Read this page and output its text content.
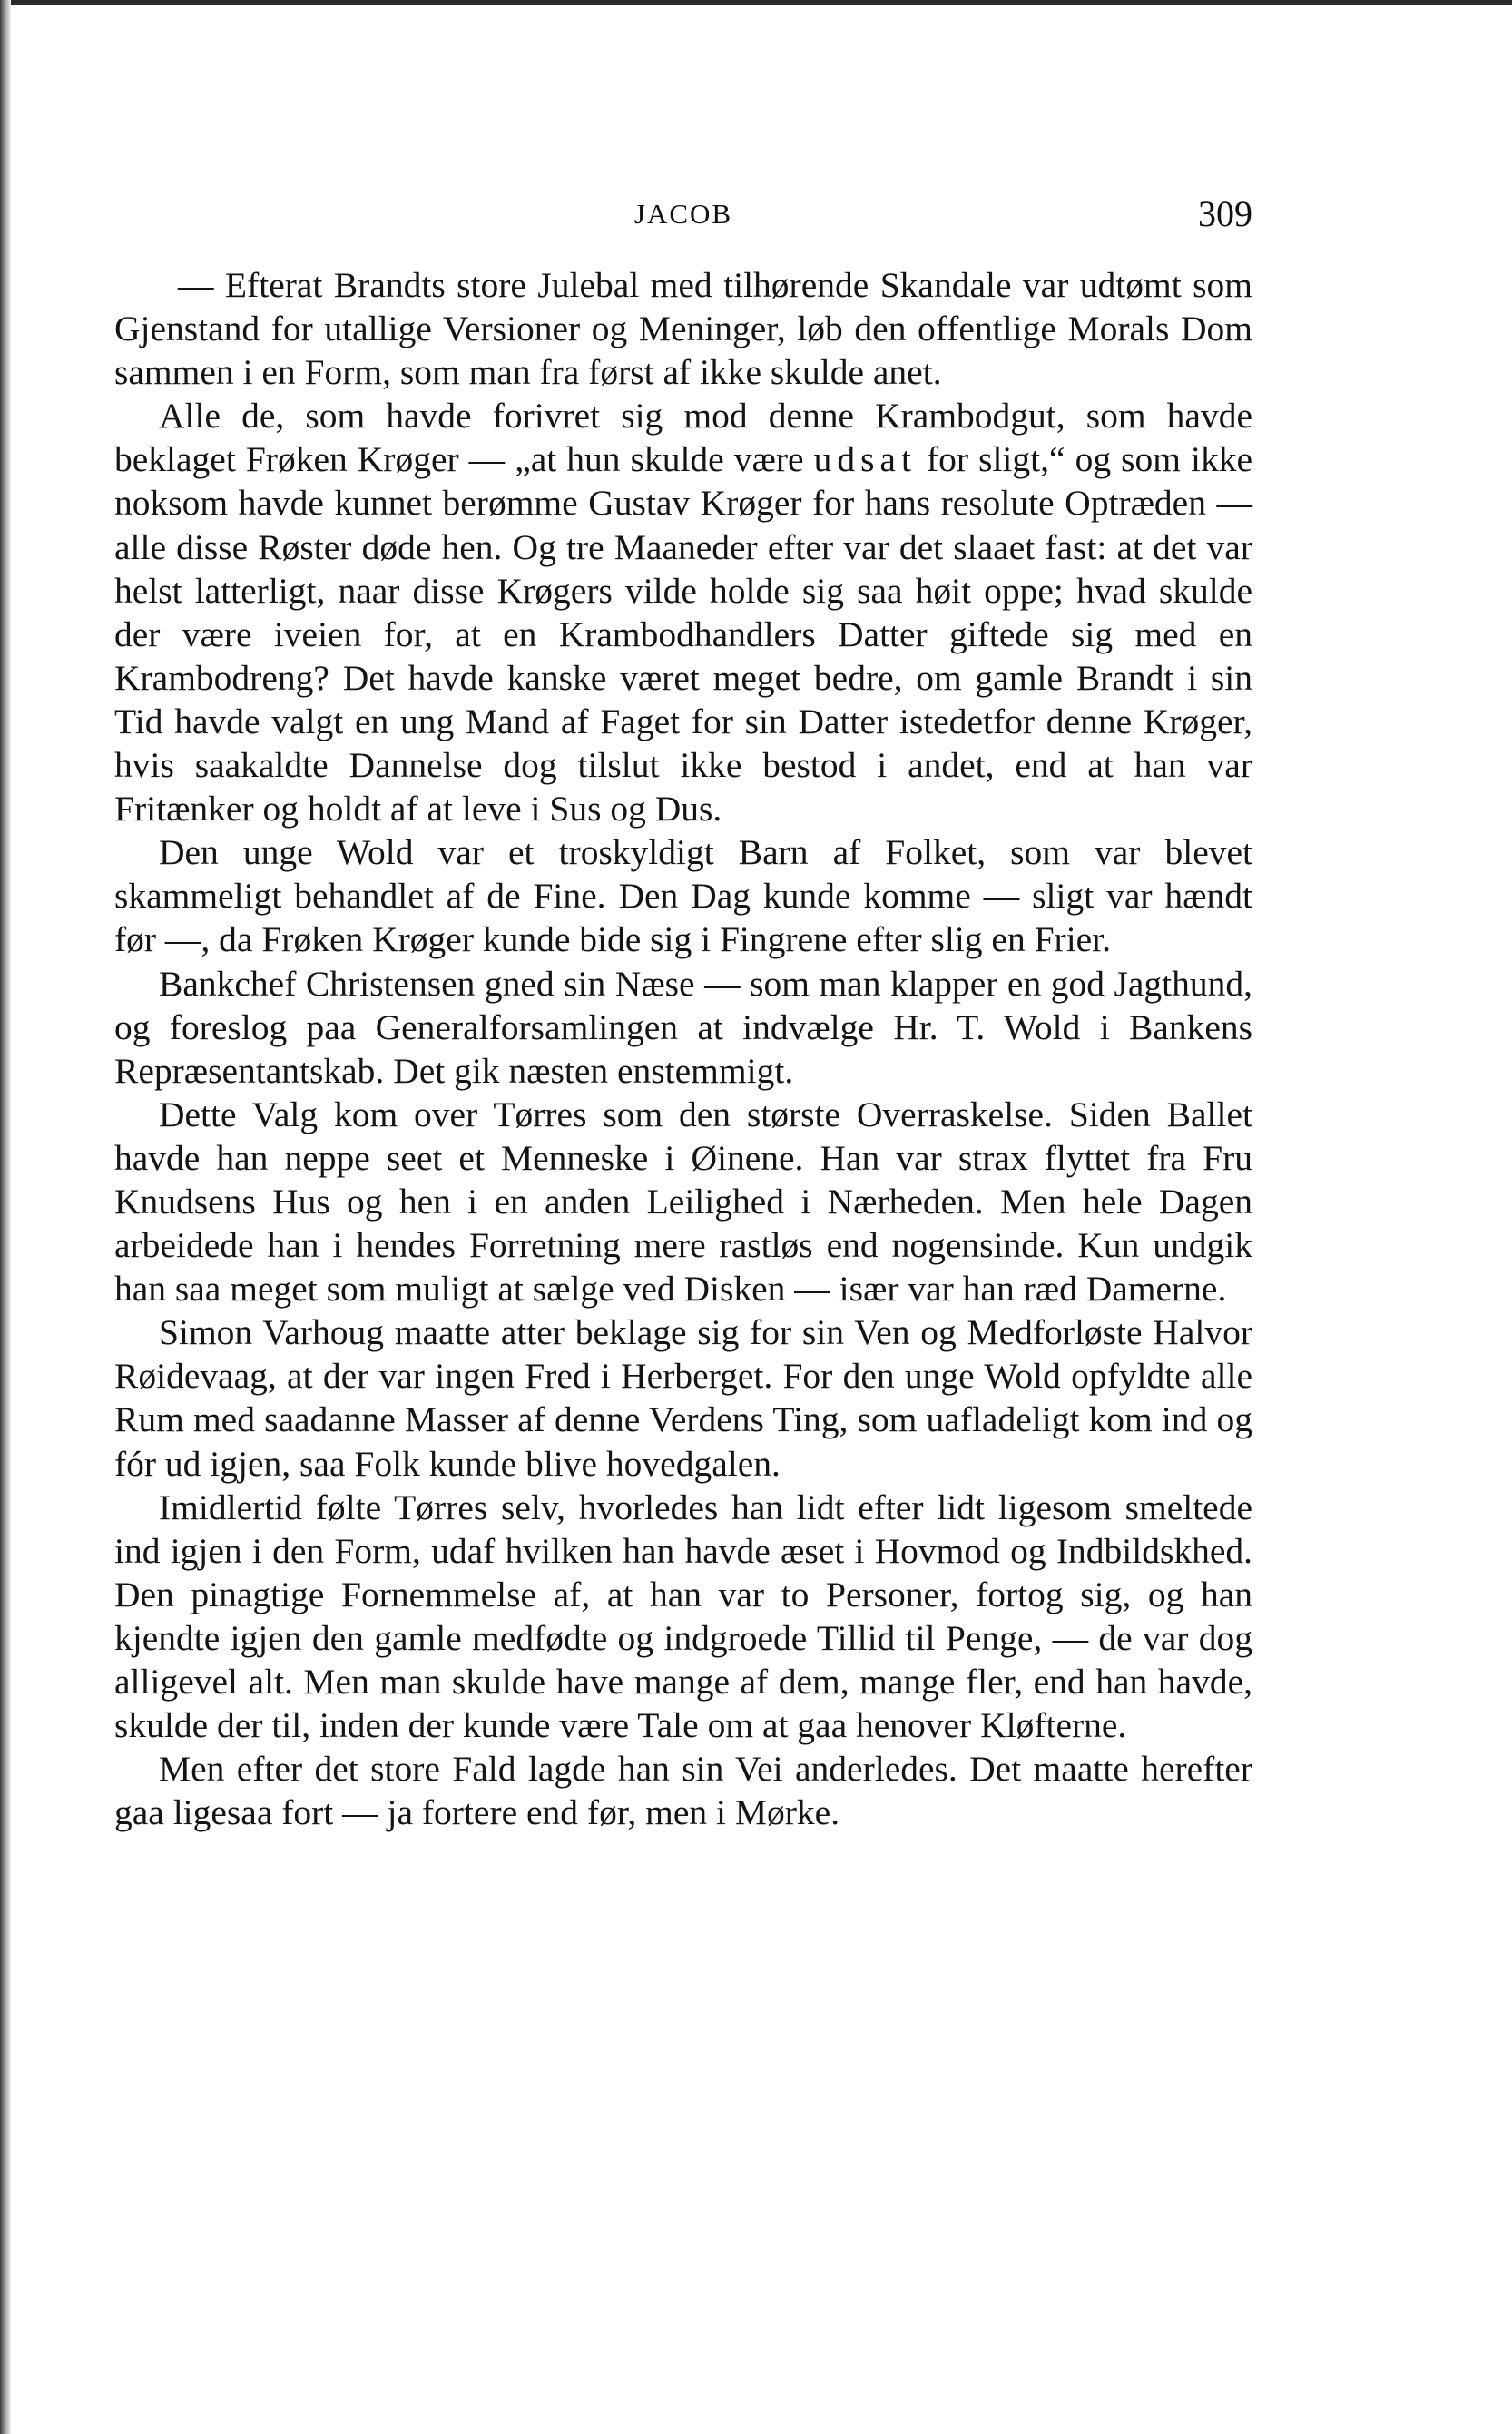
JACOB	309

— Efterat Brandts store Julebal med tilhørende Skandale var udtømt som Gjenstand for utallige Versioner og Meninger, løb den offentlige Morals Dom sammen i en Form, som man fra først af ikke skulde anet.

Alle de, som havde forivret sig mod denne Krambodgut, som havde beklaget Frøken Krøger — „at hun skulde være udsat for sligt,“ og som ikke noksom havde kunnet berømme Gustav Krøger for hans resolute Optræden — alle disse Røster døde hen. Og tre Maaneder efter var det slaaet fast: at det var helst latterligt, naar disse Krøgers vilde holde sig saa høit oppe; hvad skulde der være iveien for, at en Krambodhandlers Datter giftede sig med en Krambodreng? Det havde kanske været meget bedre, om gamle Brandt i sin Tid havde valgt en ung Mand af Faget for sin Datter istedetfor denne Krøger, hvis saakaldte Dannelse dog tilslut ikke bestod i andet, end at han var Fritænker og holdt af at leve i Sus og Dus.

Den unge Wold var et troskyldigt Barn af Folket, som var blevet skammeligt behandlet af de Fine. Den Dag kunde komme — sligt var hændt før —, da Frøken Krøger kunde bide sig i Fingrene efter slig en Frier.

Bankchef Christensen gned sin Næse — som man klapper en god Jagthund, og foreslog paa Generalforsamlingen at indvælge Hr. T. Wold i Bankens Repræsentantskab. Det gik næsten enstemmigt.

Dette Valg kom over Tørres som den største Overraskelse. Siden Ballet havde han neppe seet et Menneske i Øinene. Han var strax flyttet fra Fru Knudsens Hus og hen i en anden Leilighed i Nærheden. Men hele Dagen arbeidede han i hendes Forretning mere rastløs end nogensinde. Kun undgik han saa meget som muligt at sælge ved Disken — især var han ræd Damerne.

Simon Varhoug maatte atter beklage sig for sin Ven og Medforløste Halvor Røidevaag, at der var ingen Fred i Herberget. For den unge Wold opfyldte alle Rum med saadanne Masser af denne Verdens Ting, som uafladeligt kom ind og fór ud igjen, saa Folk kunde blive hovedgalen.

Imidlertid følte Tørres selv, hvorledes han lidt efter lidt ligesom smeltede ind igjen i den Form, udaf hvilken han havde æset i Hovmod og Indbildskhed. Den pinagtige Fornemmelse af, at han var to Personer, fortog sig, og han kjendte igjen den gamle medfødte og indgroede Tillid til Penge, — de var dog alligevel alt. Men man skulde have mange af dem, mange fler, end han havde, skulde der til, inden der kunde være Tale om at gaa henover Kløfterne.

Men efter det store Fald lagde han sin Vei anderledes. Det maatte herefter gaa ligesaa fort — ja fortere end før, men i Mørke.
